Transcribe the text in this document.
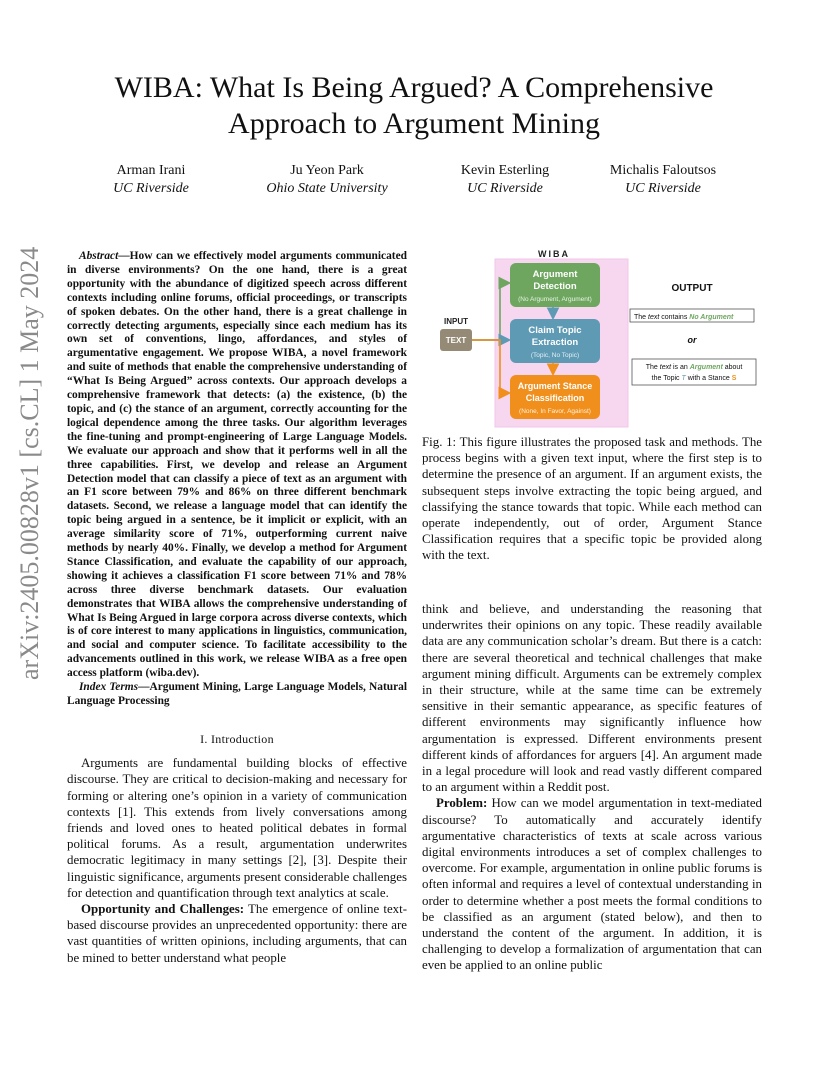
WIBA: What Is Being Argued? A Comprehensive Approach to Argument Mining
Arman Irani
UC Riverside
Ju Yeon Park
Ohio State University
Kevin Esterling
UC Riverside
Michalis Faloutsos
UC Riverside
arXiv:2405.00828v1 [cs.CL] 1 May 2024	Abstract—How can we effectively model arguments communicated in diverse environments? On the one hand, there is a great opportunity with the abundance of digitized speech across different contexts including online forums, official proceedings, or transcripts of spoken debates. On the other hand, there is a great challenge in correctly detecting arguments, especially since each medium has its own set of conventions, lingo, affordances, and styles of argumentative engagement. We propose WIBA, a novel framework and suite of methods that enable the comprehensive understanding of “What Is Being Argued” across contexts. Our approach develops a comprehensive framework that detects: (a) the existence, (b) the topic, and (c) the stance of an argument, correctly accounting for the logical dependence among the three tasks. Our algorithm leverages the fine-tuning and prompt-engineering of Large Language Models. We evaluate our approach and show that it performs well in all the three capabilities. First, we develop and release an Argument Detection model that can classify a piece of text as an argument with an F1 score between 79% and 86% on three different benchmark datasets. Second, we release a language model that can identify the topic being argued in a sentence, be it implicit or explicit, with an average similarity score of 71%, outperforming current naive methods by nearly 40%. Finally, we develop a method for Argument Stance Classification, and evaluate the capability of our approach, showing it achieves a classification F1 score between 71% and 78% across three diverse benchmark datasets. Our evaluation demonstrates that WIBA allows the comprehensive understanding of What Is Being Argued in large corpora across diverse contexts, which is of core interest to many applications in linguistics, communication, and social and computer science. To facilitate accessibility to the advancements outlined in this work, we release WIBA as a free open access platform (wiba.dev).

Index Terms—Argument Mining, Large Language Models, Natural Language Processing

I. Introduction

Arguments are fundamental building blocks of effective discourse. They are critical to decision-making and necessary for forming or altering one’s opinion in a variety of communication contexts [1]. This extends from lively conversations among friends and loved ones to heated political debates in formal political forums. As a result, argumentation underwrites democratic legitimacy in many settings [2], [3]. Despite their linguistic significance, arguments present considerable challenges for detection and quantification through text analytics at scale.

Opportunity and Challenges: The emergence of online text-based discourse provides an unprecedented opportunity: there are vast quantities of written opinions, including arguments, that can be mined to better understand what people

WIBA
INPUT
TEXT
Argument
Detection
(No Argument, Argument)
Claim Topic
Extraction
(Topic, No Topic)
Argument Stance
Classification
(None, In Favor, Against)
OUTPUT
The text contains No Argument
or
The text is an Argument about
the Topic T with a Stance S
Fig. 1: This figure illustrates the proposed task and methods. The process begins with a given text input, where the first step is to determine the presence of an argument. If an argument exists, the subsequent steps involve extracting the topic being argued, and classifying the stance towards that topic. While each method can operate independently, out of order, Argument Stance Classification requires that a specific topic be provided along with the text.

think and believe, and understanding the reasoning that underwrites their opinions on any topic. These readily available data are any communication scholar’s dream. But there is a catch: there are several theoretical and technical challenges that make argument mining difficult. Arguments can be extremely complex in their structure, while at the same time can be extremely sensitive in their semantic appearance, as specific features of different environments may significantly influence how argumentation is expressed. Different environments present different kinds of affordances for arguers [4]. An argument made in a legal procedure will look and read vastly different compared to an argument within a Reddit post.

Problem: How can we model argumentation in text-mediated discourse? To automatically and accurately identify argumentative characteristics of texts at scale across various digital environments introduces a set of complex challenges to overcome. For example, argumentation in online public forums is often informal and requires a level of contextual understanding in order to determine whether a post meets the formal conditions to be classified as an argument (stated below), and then to understand the content of the argument. In addition, it is challenging to develop a formalization of argumentation that can even be applied to an online public
